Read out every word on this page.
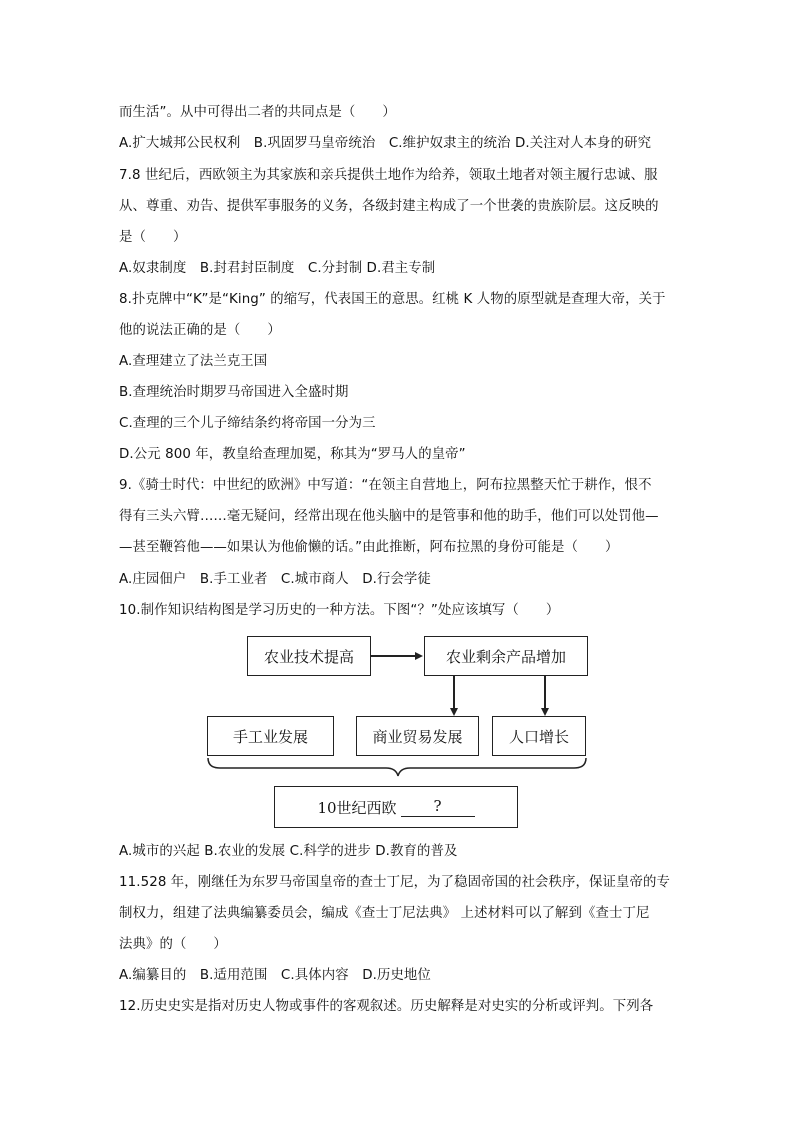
而生活”。从中可得出二者的共同点是（　　）
A.扩大城邦公民权利　B.巩固罗马皇帝统治　C.维护奴隶主的统治 D.关注对人本身的研究
7.8 世纪后，西欧领主为其家族和亲兵提供土地作为给养，领取土地者对领主履行忠诚、服
从、尊重、劝告、提供军事服务的义务，各级封建主构成了一个世袭的贵族阶层。这反映的
是（　　）
A.奴隶制度　B.封君封臣制度　C.分封制 D.君主专制
8.扑克牌中“K”是“King” 的缩写，代表国王的意思。红桃 K 人物的原型就是查理大帝，关于
他的说法正确的是（　　）
A.查理建立了法兰克王国
B.查理统治时期罗马帝国进入全盛时期
C.查理的三个儿子缔结条约将帝国一分为三
D.公元 800 年，教皇给查理加冕，称其为“罗马人的皇帝”
9.《骑士时代：中世纪的欧洲》中写道：“在领主自营地上，阿布拉黑整天忙于耕作，恨不
得有三头六臂……毫无疑问，经常出现在他头脑中的是管事和他的助手，他们可以处罚他—
—甚至鞭笞他——如果认为他偷懒的话。”由此推断，阿布拉黑的身份可能是（　　）
A.庄园佃户　B.手工业者　C.城市商人　D.行会学徒
10.制作知识结构图是学习历史的一种方法。下图“？”处应该填写（　　）
农业技术提高	农业剩余产品增加
手工业发展	商业贸易发展	人口增长
10世纪西欧	?
A.城市的兴起 B.农业的发展 C.科学的进步 D.教育的普及
11.528 年，刚继任为东罗马帝国皇帝的查士丁尼，为了稳固帝国的社会秩序，保证皇帝的专
制权力，组建了法典编纂委员会，编成《查士丁尼法典》 上述材料可以了解到《查士丁尼
法典》的（　　）
A.编纂目的　B.适用范围　C.具体内容　D.历史地位
12.历史史实是指对历史人物或事件的客观叙述。历史解释是对史实的分析或评判。下列各
